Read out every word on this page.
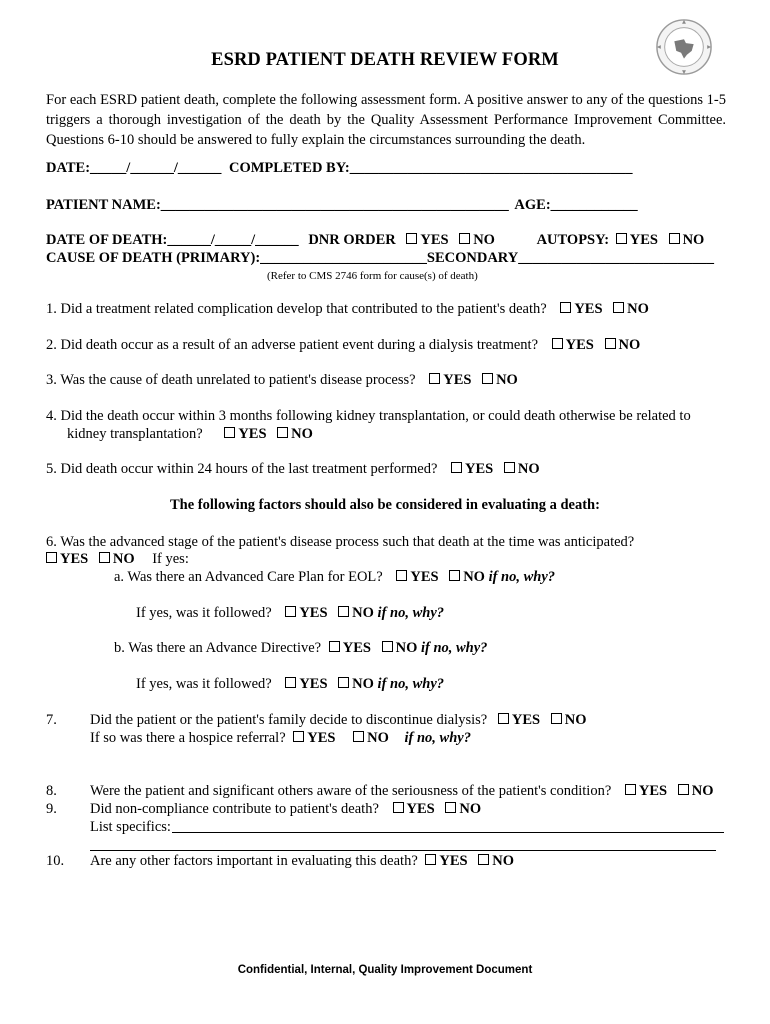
ESRD PATIENT DEATH REVIEW FORM
For each ESRD patient death, complete the following assessment form. A positive answer to any of the questions 1-5 triggers a thorough investigation of the death by the Quality Assessment Performance Improvement Committee. Questions 6-10 should be answered to fully explain the circumstances surrounding the death.
DATE:_____/______/______ COMPLETED BY:_______________________________________
PATIENT NAME:________________________________________________ AGE:____________
DATE OF DEATH:______/_____/______ DNR ORDER YES NO	AUTOPSY: YES NO
CAUSE OF DEATH (PRIMARY):_______________________SECONDARY___________________________
(Refer to CMS 2746 form for cause(s) of death)
1. Did a treatment related complication develop that contributed to the patient's death? YES NO
2. Did death occur as a result of an adverse patient event during a dialysis treatment? YES NO
3. Was the cause of death unrelated to patient's disease process? YES NO
4. Did the death occur within 3 months following kidney transplantation, or could death otherwise be related to
kidney transplantation? YES NO
5. Did death occur within 24 hours of the last treatment performed? YES NO
The following factors should also be considered in evaluating a death:
6. Was the advanced stage of the patient's disease process such that death at the time was anticipated?
YES NO If yes:
a. Was there an Advanced Care Plan for EOL? YES NO if no, why?
If yes, was it followed? YES NO if no, why?
b. Was there an Advance Directive? YES NO if no, why?
If yes, was it followed? YES NO if no, why?
7. Did the patient or the patient's family decide to discontinue dialysis? YES NO
If so was there a hospice referral? YES NO if no, why?
8. Were the patient and significant others aware of the seriousness of the patient's condition? YES NO
9. Did non-compliance contribute to patient's death? YES NO
List specifics:
10. Are any other factors important in evaluating this death? YES NO
Confidential, Internal, Quality Improvement Document
